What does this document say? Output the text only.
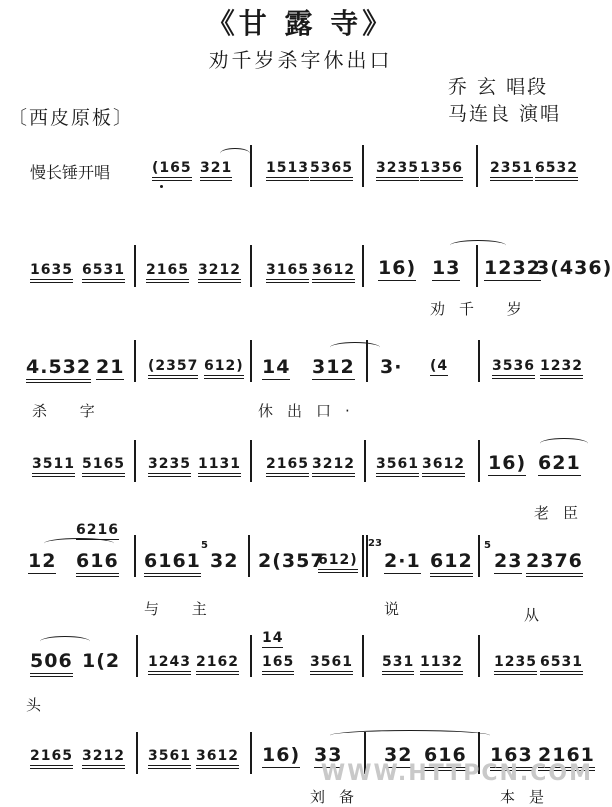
《甘 露 寺》
劝千岁杀字休出口
乔 玄 唱段
马连良 演唱
〔西皮原板〕
慢长锤开唱	(165 321 1513 5365 3235 1356 2351 6532
1635 6531 2165 3212 3165 3612 16) 13 1232
3(436)
劝千 岁
4.532 21 (2357 612) 14 312 3· (4	3536 1232
杀 字	休出口·
3511 5165 3235 1131 2165 3212 3561 3612 16) 621
老臣
6216
12 616 6161
5
32 2(357
612)
23
2·1 612
5
23 2376
与 主	说	从
14
506 1(2 1243 2162 165 3561 531 1132 1235 6531
头
2165 3212 3561 3612 16) 33 32 616 163 2161
刘备	本是
WWW.HTTPCN.COM
